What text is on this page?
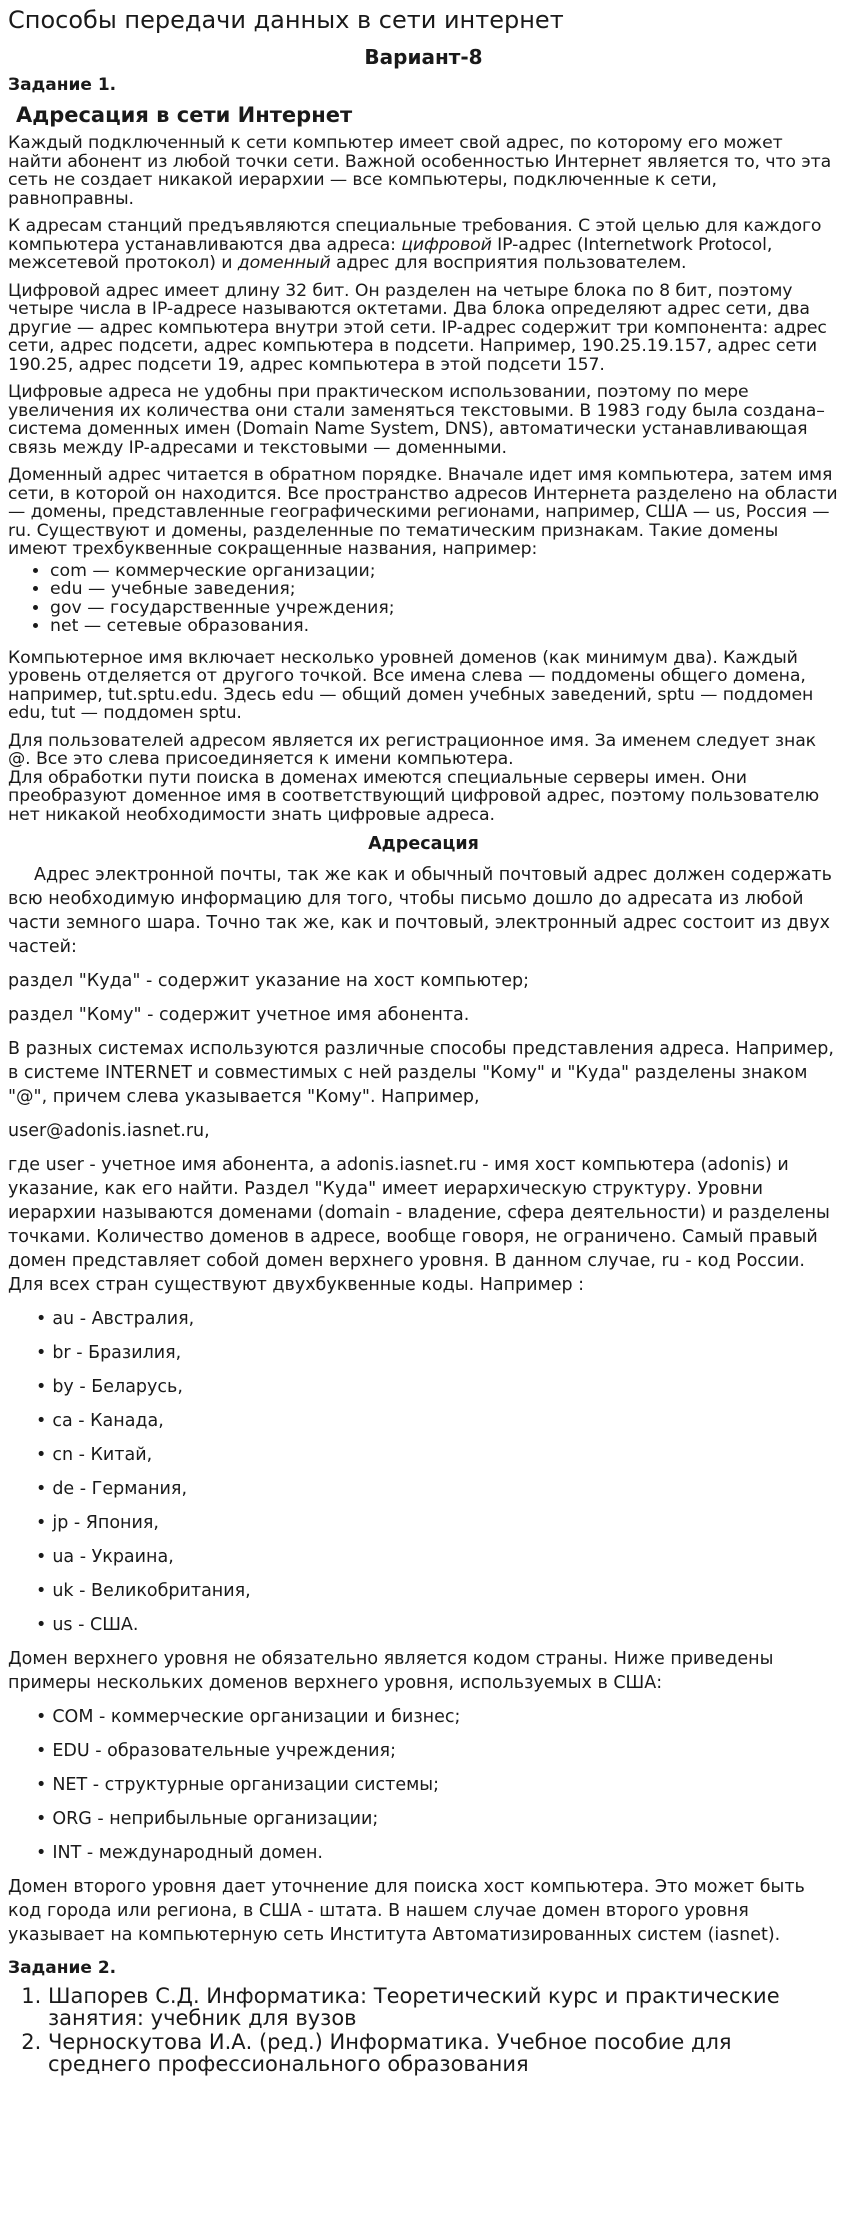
Способы передачи данных в сети интернет
Вариант-8
Задание 1.
Адресация в сети Интернет

Каждый подключенный к сети компьютер имеет свой адрес, по которому его может найти абонент из любой точки сети. Важной особенностью Интернет является то, что эта сеть не создает никакой иерархии — все компьютеры, подключенные к сети, равноправны.

К адресам станций предъявляются специальные требования. С этой целью для каждого компьютера устанавливаются два адреса: цифровой IP-адрес (Internetwork Protocol, межсетевой протокол) и доменный адрес для восприятия пользователем.

Цифровой адрес имеет длину 32 бит. Он разделен на четыре блока по 8 бит, поэтому четыре числа в IP-адресе называются октетами. Два блока определяют адрес сети, два другие — адрес компьютера внутри этой сети. IP-адрес содержит три компонента: адрес сети, адрес подсети, адрес компьютера в подсети. Например, 190.25.19.157, адрес сети 190.25, адрес подсети 19, адрес компьютера в этой подсети 157.

Цифровые адреса не удобны при практическом использовании, поэтому по мере увеличения их количества они стали заменяться текстовыми. В 1983 году была создана–система доменных имен (Domain Name System, DNS), автоматически устанавливающая связь между IP-адресами и текстовыми — доменными.

Доменный адрес читается в обратном порядке. Вначале идет имя компьютера, затем имя сети, в которой он находится. Все пространство адресов Интернета разделено на области — домены, представленные географическими регионами, например, США — us, Россия — ru. Существуют и домены, разделенные по тематическим признакам. Такие домены имеют трехбуквенные сокращенные названия, например:

• com — коммерческие организации;
• edu — учебные заведения;
• gov — государственные учреждения;
• net — сетевые образования.

Компьютерное имя включает несколько уровней доменов (как минимум два). Каждый уровень отделяется от другого точкой. Все имена слева — поддомены общего домена, например, tut.sptu.edu. Здесь edu — общий домен учебных заведений, sptu — поддомен edu, tut — поддомен sptu.

Для пользователей адресом является их регистрационное имя. За именем следует знак @. Все это слева присоединяется к имени компьютера.
Для обработки пути поиска в доменах имеются специальные серверы имен. Они преобразуют доменное имя в соответствующий цифровой адрес, поэтому пользователю нет никакой необходимости знать цифровые адреса.

Адресация

Адрес электронной почты, так же как и обычный почтовый адрес должен содержать всю необходимую информацию для того, чтобы письмо дошло до адресата из любой части земного шара. Точно так же, как и почтовый, электронный адрес состоит из двух частей:

раздел "Куда" - содержит указание на хост компьютер;

раздел "Кому" - содержит учетное имя абонента.

В разных системах используются различные способы представления адреса. Например, в системе INTERNET и совместимых с ней разделы "Кому" и "Куда" разделены знаком "@", причем слева указывается "Кому". Например,

user@adonis.iasnet.ru,

где user - учетное имя абонента, а adonis.iasnet.ru - имя хост компьютера (adonis) и указание, как его найти. Раздел "Куда" имеет иерархическую структуру. Уровни иерархии называются доменами (domain - владение, сфера деятельности) и разделены точками. Количество доменов в адресе, вообще говоря, не ограничено. Самый правый домен представляет собой домен верхнего уровня. В данном случае, ru - код России. Для всех стран существуют двухбуквенные коды. Например :

• au - Австралия,
• br - Бразилия,
• by - Беларусь,
• ca - Канада,
• cn - Китай,
• de - Германия,
• jp - Япония,
• ua - Украина,
• uk - Великобритания,
• us - США.

Домен верхнего уровня не обязательно является кодом страны. Ниже приведены примеры нескольких доменов верхнего уровня, используемых в США:

• COM - коммерческие организации и бизнес;
• EDU - образовательные учреждения;
• NET - структурные организации системы;
• ORG - неприбыльные организации;
• INT - международный домен.

Домен второго уровня дает уточнение для поиска хост компьютера. Это может быть код города или региона, в США - штата. В нашем случае домен второго уровня указывает на компьютерную сеть Института Автоматизированных систем (iasnet).

Задание 2.
1. Шапорев С.Д. Информатика: Теоретический курс и практические занятия: учебник для вузов
2. Черноскутова И.А. (ред.) Информатика. Учебное пособие для среднего профессионального образования
